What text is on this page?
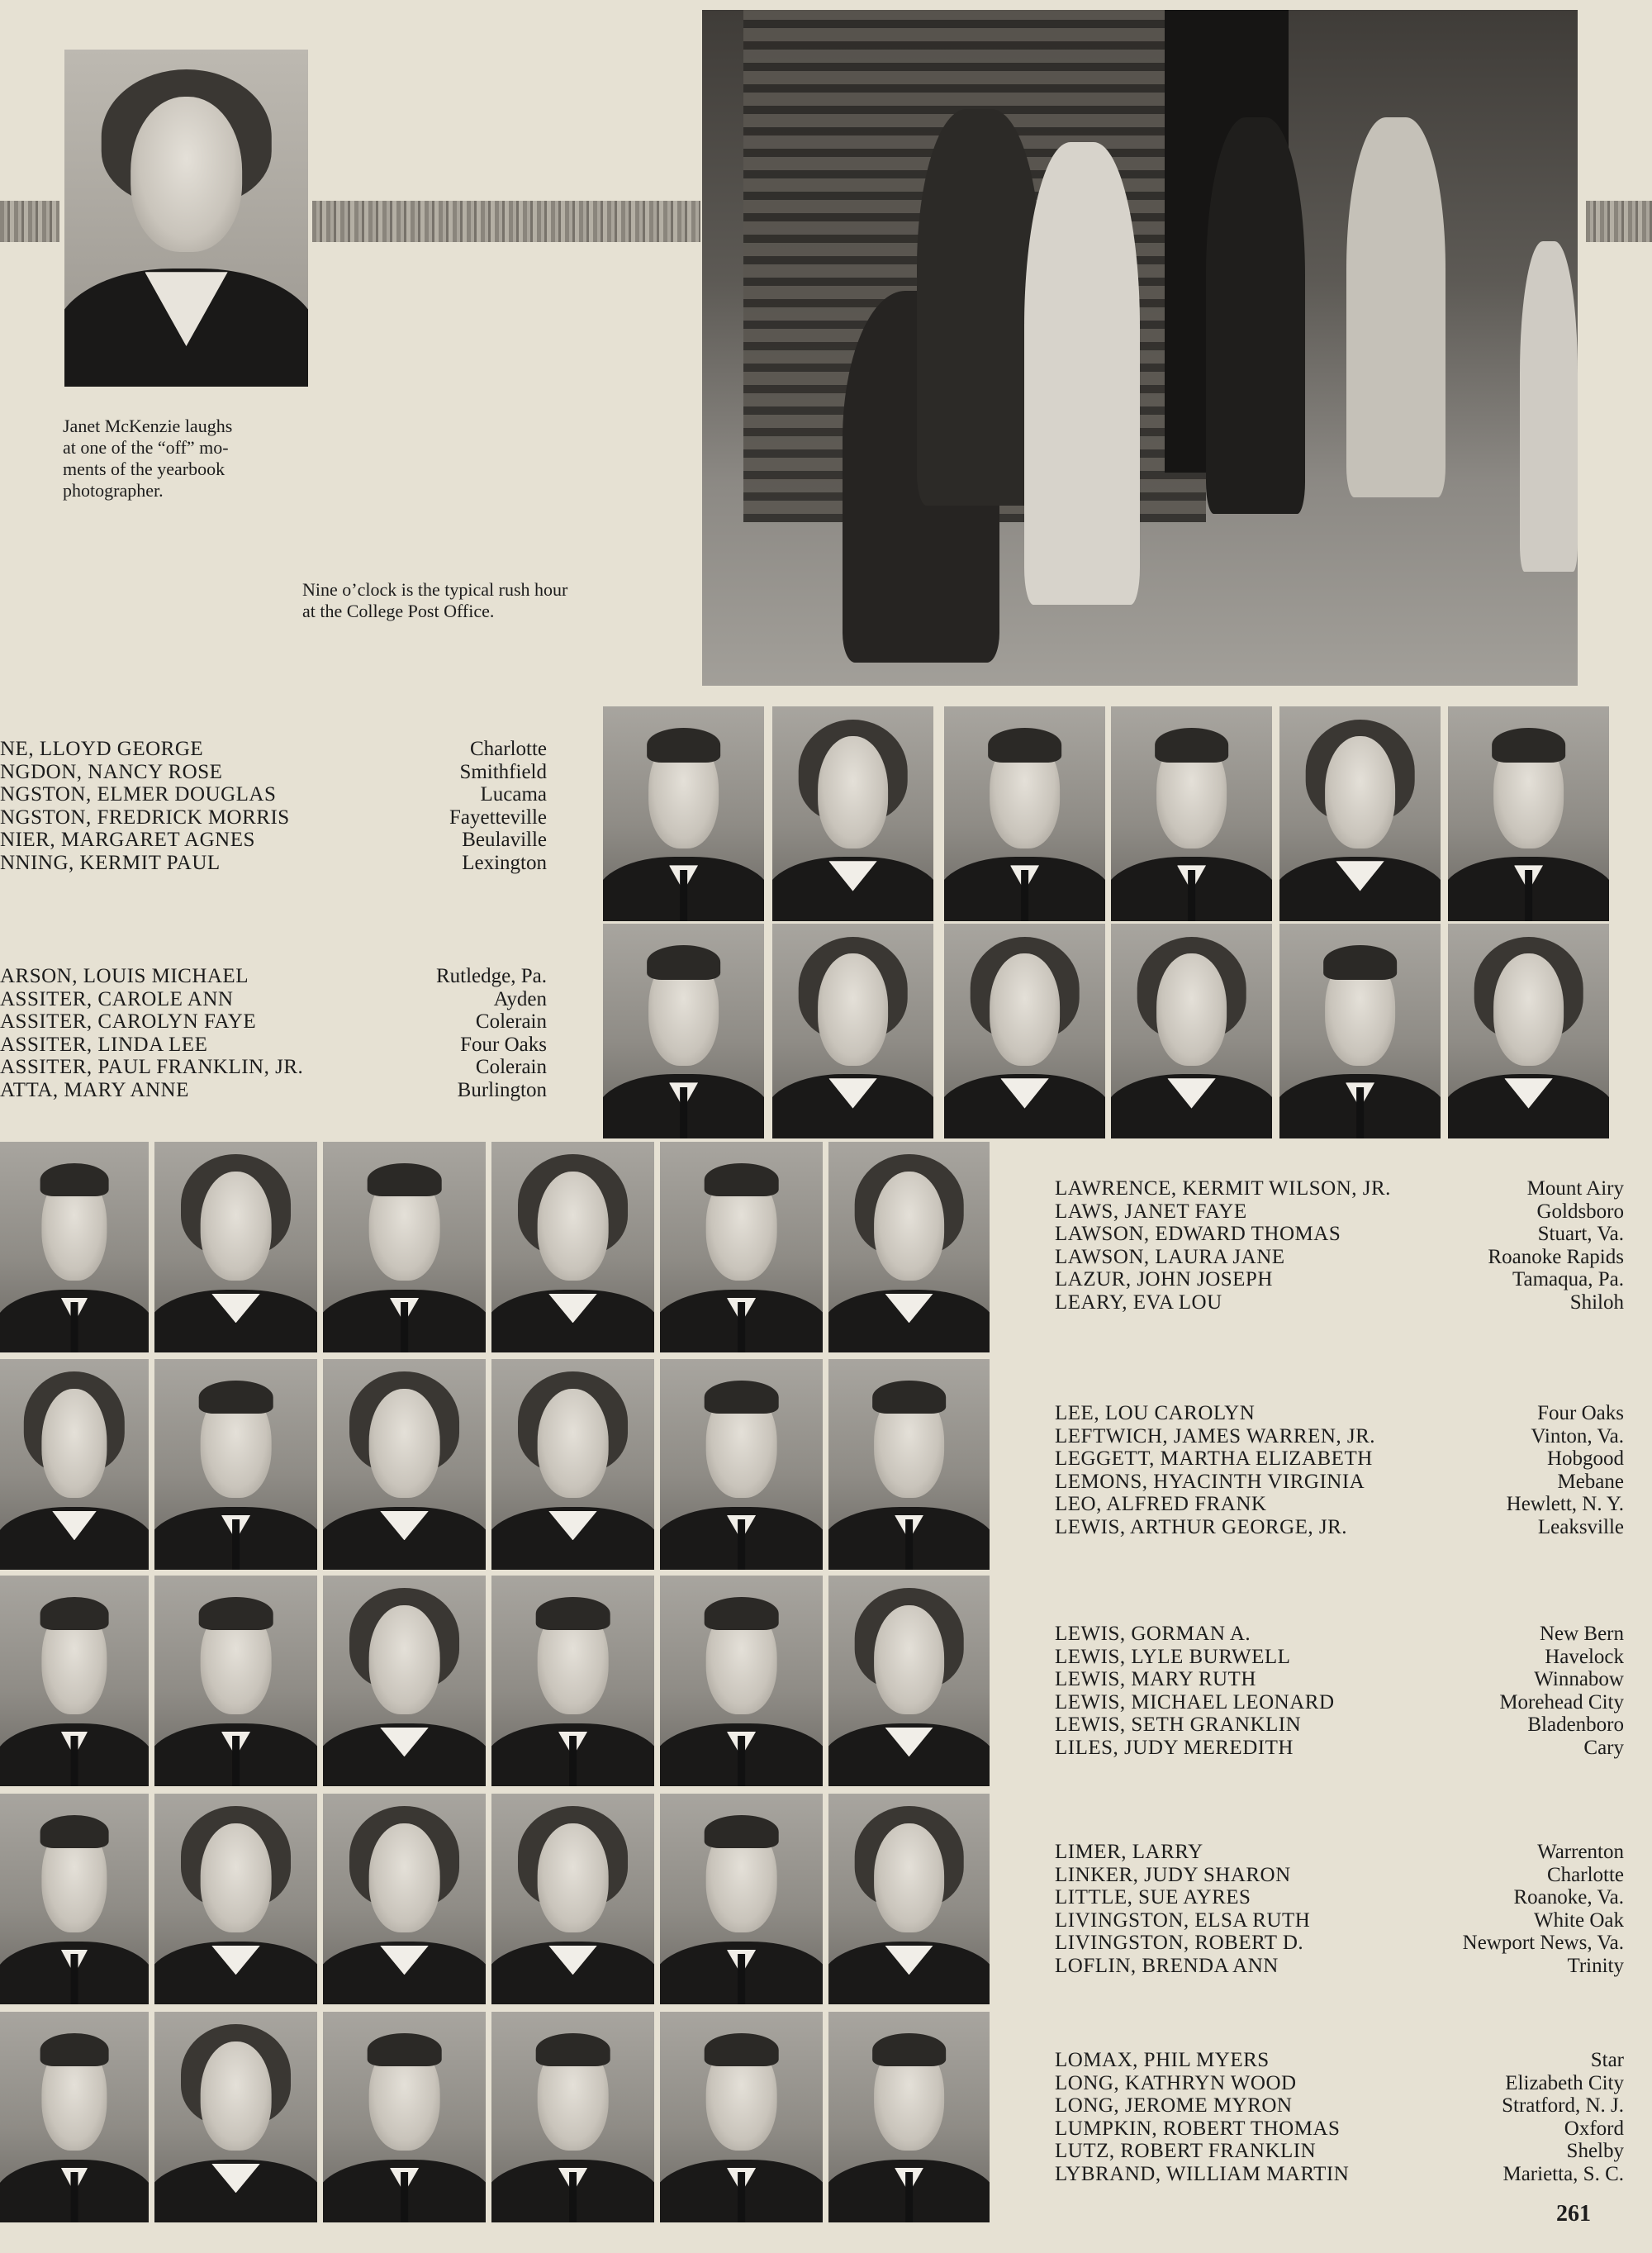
Janet McKenzie laughs
at one of the “off” mo-
ments of the yearbook
photographer.
Nine o’clock is the typical rush hour
at the College Post Office.
NE, LLOYD GEORGE	Charlotte
NGDON, NANCY ROSE	Smithfield
NGSTON, ELMER DOUGLAS	Lucama
NGSTON, FREDRICK MORRIS	Fayetteville
NIER, MARGARET AGNES	Beulaville
NNING, KERMIT PAUL	Lexington
ARSON, LOUIS MICHAEL	Rutledge, Pa.
ASSITER, CAROLE ANN	Ayden
ASSITER, CAROLYN FAYE	Colerain
ASSITER, LINDA LEE	Four Oaks
ASSITER, PAUL FRANKLIN, JR.	Colerain
ATTA, MARY ANNE	Burlington
LAWRENCE, KERMIT WILSON, JR.	Mount Airy
LAWS, JANET FAYE	Goldsboro
LAWSON, EDWARD THOMAS	Stuart, Va.
LAWSON, LAURA JANE	Roanoke Rapids
LAZUR, JOHN JOSEPH	Tamaqua, Pa.
LEARY, EVA LOU	Shiloh
LEE, LOU CAROLYN	Four Oaks
LEFTWICH, JAMES WARREN, JR.	Vinton, Va.
LEGGETT, MARTHA ELIZABETH	Hobgood
LEMONS, HYACINTH VIRGINIA	Mebane
LEO, ALFRED FRANK	Hewlett, N. Y.
LEWIS, ARTHUR GEORGE, JR.	Leaksville
LEWIS, GORMAN A.	New Bern
LEWIS, LYLE BURWELL	Havelock
LEWIS, MARY RUTH	Winnabow
LEWIS, MICHAEL LEONARD	Morehead City
LEWIS, SETH GRANKLIN	Bladenboro
LILES, JUDY MEREDITH	Cary
LIMER, LARRY	Warrenton
LINKER, JUDY SHARON	Charlotte
LITTLE, SUE AYRES	Roanoke, Va.
LIVINGSTON, ELSA RUTH	White Oak
LIVINGSTON, ROBERT D.	Newport News, Va.
LOFLIN, BRENDA ANN	Trinity
LOMAX, PHIL MYERS	Star
LONG, KATHRYN WOOD	Elizabeth City
LONG, JEROME MYRON	Stratford, N. J.
LUMPKIN, ROBERT THOMAS	Oxford
LUTZ, ROBERT FRANKLIN	Shelby
LYBRAND, WILLIAM MARTIN	Marietta, S. C.
261
